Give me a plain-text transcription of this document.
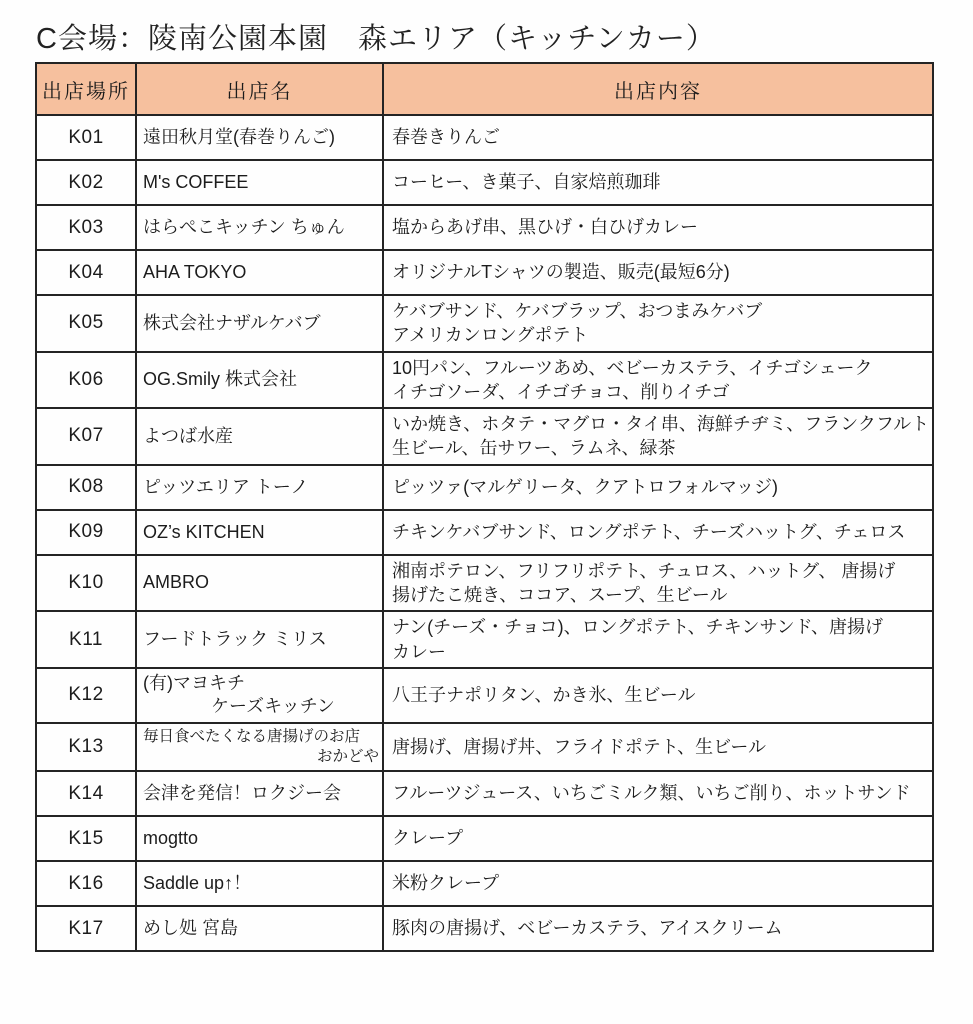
C会場：陵南公園本園　森エリア（キッチンカー）
出店場所	出店名	出店内容
K01	遠田秋月堂(春巻りんご)	春巻きりんご

K02	M's COFFEE	コーヒー、き菓子、自家焙煎珈琲

K03	はらぺこキッチン ちゅん	塩からあげ串、黒ひげ・白ひげカレー

K04	AHA TOKYO	オリジナルTシャツの製造、販売(最短6分)

K05	株式会社ナザルケバブ	ケバブサンド、ケバブラップ、おつまみケバブ
アメリカンロングポテト

K06	OG.Smily 株式会社	10円パン、フルーツあめ、ベビーカステラ、イチゴシェーク
イチゴソーダ、イチゴチョコ、削りイチゴ

K07	よつば水産	いか焼き、ホタテ・マグロ・タイ串、海鮮チヂミ、フランクフルト
生ビール、缶サワー、ラムネ、緑茶

K08	ピッツエリア トーノ	ピッツァ(マルゲリータ、クアトロフォルマッジ)

K09	OZ’s KITCHEN	チキンケバブサンド、ロングポテト、チーズハットグ、チェロス

K10	AMBRO	湘南ポテロン、フリフリポテト、チュロス、ハットグ、 唐揚げ
揚げたこ焼き、ココア、スープ、生ビール

K11	フードトラック ミリス	ナン(チーズ・チョコ)、ロングポテト、チキンサンド、唐揚げ
カレー

K12	(有)マヨキチ
ケーズキッチン	八王子ナポリタン、かき氷、生ビール

K13	毎日食べたくなる唐揚げのお店
おかどや	唐揚げ、唐揚げ丼、フライドポテト、生ビール

K14	会津を発信！ロクジー会	フルーツジュース、いちごミルク類、いちご削り、ホットサンド

K15	mogtto	クレープ

K16	Saddle up↑！	米粉クレープ

K17	めし処 宮島	豚肉の唐揚げ、ベビーカステラ、アイスクリーム
